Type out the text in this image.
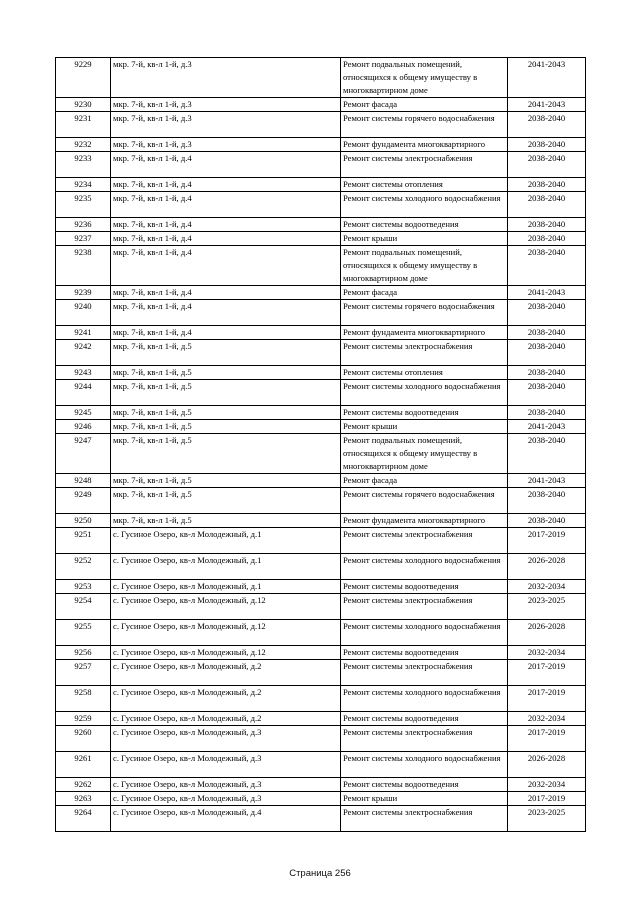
9229	мкр. 7-й, кв-л 1-й, д.3	Ремонт подвальных помещений, относящихся к общему имуществу в многоквартирном доме	2041-2043
9230	мкр. 7-й, кв-л 1-й, д.3	Ремонт фасада	2041-2043
9231	мкр. 7-й, кв-л 1-й, д.3	Ремонт системы горячего водоснабжения	2038-2040
9232	мкр. 7-й, кв-л 1-й, д.3	Ремонт фундамента многоквартирного	2038-2040
9233	мкр. 7-й, кв-л 1-й, д.4	Ремонт системы электроснабжения	2038-2040
9234	мкр. 7-й, кв-л 1-й, д.4	Ремонт системы отопления	2038-2040
9235	мкр. 7-й, кв-л 1-й, д.4	Ремонт системы холодного водоснабжения	2038-2040
9236	мкр. 7-й, кв-л 1-й, д.4	Ремонт системы водоотведения	2038-2040
9237	мкр. 7-й, кв-л 1-й, д.4	Ремонт крыши	2038-2040
9238	мкр. 7-й, кв-л 1-й, д.4	Ремонт подвальных помещений, относящихся к общему имуществу в многоквартирном доме	2038-2040
9239	мкр. 7-й, кв-л 1-й, д.4	Ремонт фасада	2041-2043
9240	мкр. 7-й, кв-л 1-й, д.4	Ремонт системы горячего водоснабжения	2038-2040
9241	мкр. 7-й, кв-л 1-й, д.4	Ремонт фундамента многоквартирного	2038-2040
9242	мкр. 7-й, кв-л 1-й, д.5	Ремонт системы электроснабжения	2038-2040
9243	мкр. 7-й, кв-л 1-й, д.5	Ремонт системы отопления	2038-2040
9244	мкр. 7-й, кв-л 1-й, д.5	Ремонт системы холодного водоснабжения	2038-2040
9245	мкр. 7-й, кв-л 1-й, д.5	Ремонт системы водоотведения	2038-2040
9246	мкр. 7-й, кв-л 1-й, д.5	Ремонт крыши	2041-2043
9247	мкр. 7-й, кв-л 1-й, д.5	Ремонт подвальных помещений, относящихся к общему имуществу в многоквартирном доме	2038-2040
9248	мкр. 7-й, кв-л 1-й, д.5	Ремонт фасада	2041-2043
9249	мкр. 7-й, кв-л 1-й, д.5	Ремонт системы горячего водоснабжения	2038-2040
9250	мкр. 7-й, кв-л 1-й, д.5	Ремонт фундамента многоквартирного	2038-2040
9251	с. Гусиное Озеро, кв-л Молодежный, д.1	Ремонт системы электроснабжения	2017-2019
9252	с. Гусиное Озеро, кв-л Молодежный, д.1	Ремонт системы холодного водоснабжения	2026-2028
9253	с. Гусиное Озеро, кв-л Молодежный, д.1	Ремонт системы водоотведения	2032-2034
9254	с. Гусиное Озеро, кв-л Молодежный, д.12	Ремонт системы электроснабжения	2023-2025
9255	с. Гусиное Озеро, кв-л Молодежный, д.12	Ремонт системы холодного водоснабжения	2026-2028
9256	с. Гусиное Озеро, кв-л Молодежный, д.12	Ремонт системы водоотведения	2032-2034
9257	с. Гусиное Озеро, кв-л Молодежный, д.2	Ремонт системы электроснабжения	2017-2019
9258	с. Гусиное Озеро, кв-л Молодежный, д.2	Ремонт системы холодного водоснабжения	2017-2019
9259	с. Гусиное Озеро, кв-л Молодежный, д.2	Ремонт системы водоотведения	2032-2034
9260	с. Гусиное Озеро, кв-л Молодежный, д.3	Ремонт системы электроснабжения	2017-2019
9261	с. Гусиное Озеро, кв-л Молодежный, д.3	Ремонт системы холодного водоснабжения	2026-2028
9262	с. Гусиное Озеро, кв-л Молодежный, д.3	Ремонт системы водоотведения	2032-2034
9263	с. Гусиное Озеро, кв-л Молодежный, д.3	Ремонт крыши	2017-2019
9264	с. Гусиное Озеро, кв-л Молодежный, д.4	Ремонт системы электроснабжения	2023-2025
Страница 256
